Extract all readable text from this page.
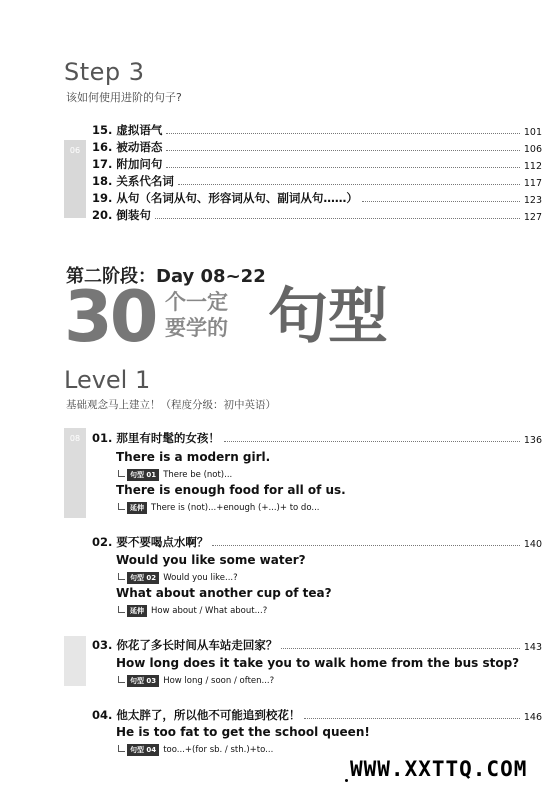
Step 3
该如何使用进阶的句子?
06
15. 虚拟语气	101
16. 被动语态	106
17. 附加问句	112
18. 关系代名词	117
19. 从句（名词从句、形容词从句、副词从句……）	123
20. 倒装句	127
第二阶段：Day 08~22
30 个一定
要学的 句型
Level 1
基础观念马上建立！（程度分级：初中英语）
08	01. 那里有时髦的女孩！	136
There is a modern girl.
句型 01 There be (not)...
There is enough food for all of us.
延伸 There is (not)...+enough (+...)+ to do...
02. 要不要喝点水啊？	140
Would you like some water?
句型 02 Would you like...?
What about another cup of tea?
延伸 How about / What about...?
03. 你花了多长时间从车站走回家？	143
How long does it take you to walk home from the bus stop?
句型 03 How long / soon / often...?
04. 他太胖了，所以他不可能追到校花！	146
He is too fat to get the school queen!
句型 04 too...+(for sb. / sth.)+to...
WWW.XXTTQ.COM
